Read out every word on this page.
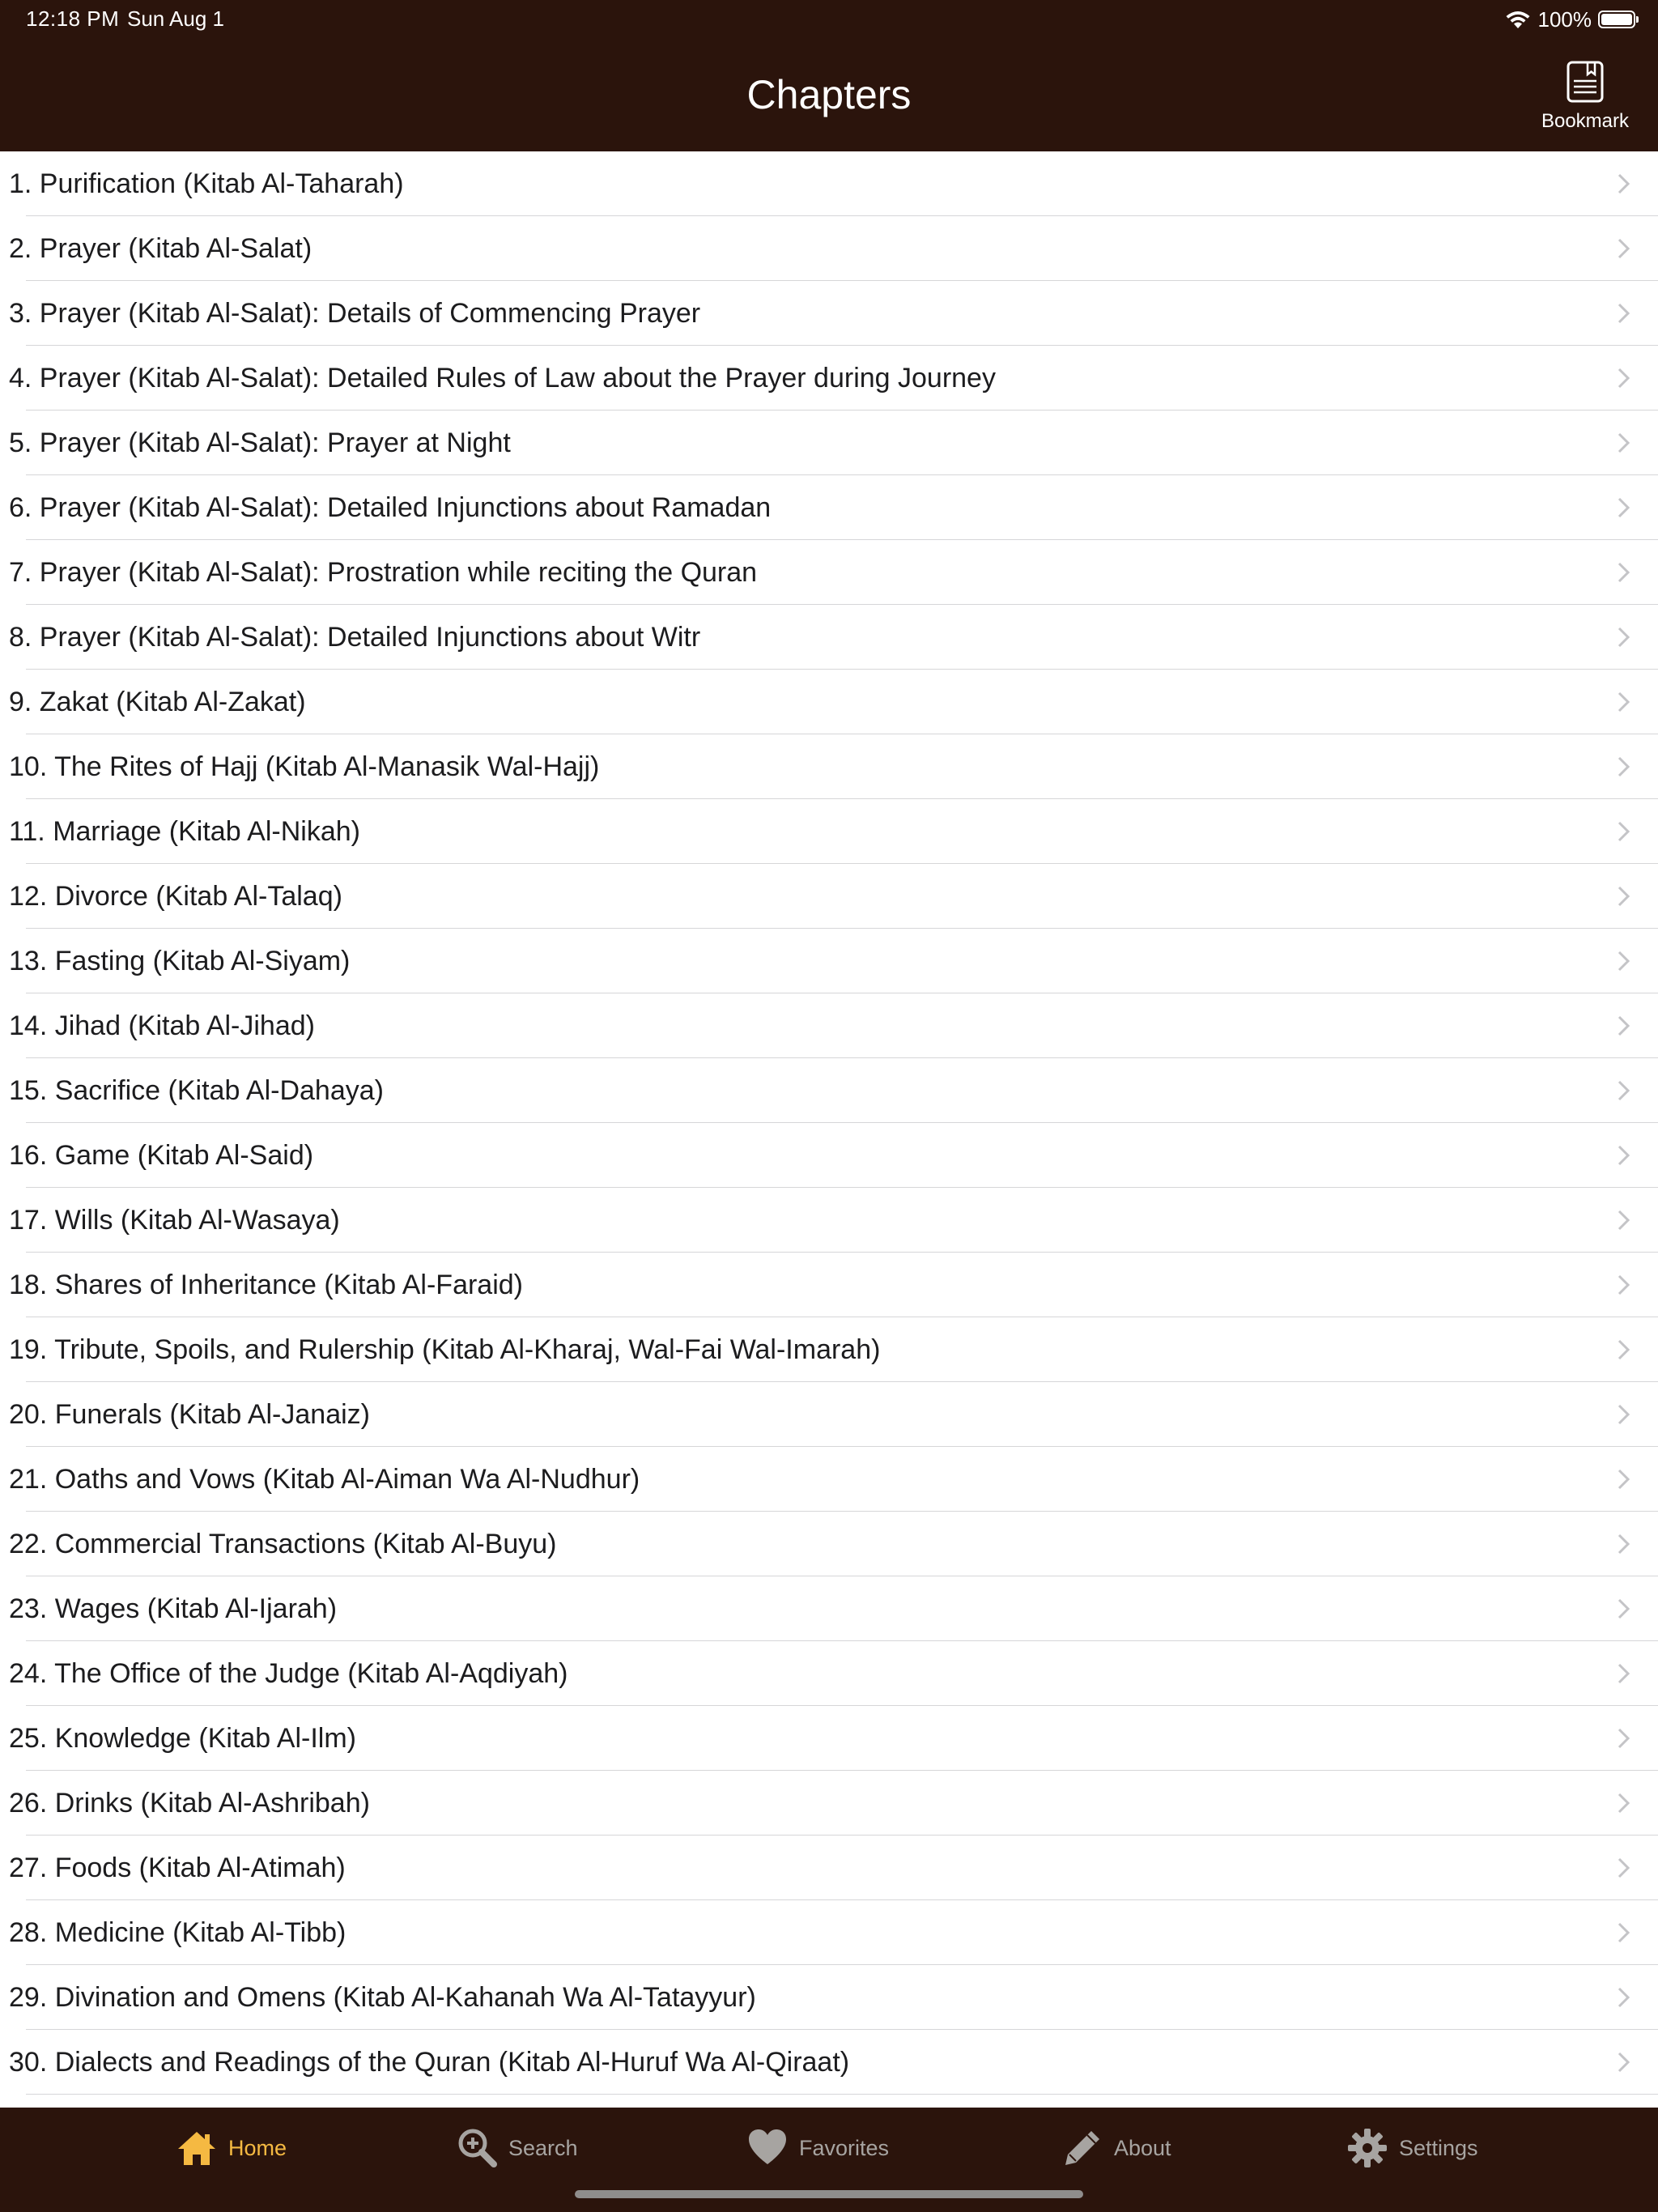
12:18 PM Sun Aug 1	100%
Chapters
Bookmark
1. Purification (Kitab Al-Taharah)
2. Prayer (Kitab Al-Salat)
3. Prayer (Kitab Al-Salat): Details of Commencing Prayer
4. Prayer (Kitab Al-Salat): Detailed Rules of Law about the Prayer during Journey
5. Prayer (Kitab Al-Salat): Prayer at Night
6. Prayer (Kitab Al-Salat): Detailed Injunctions about Ramadan
7. Prayer (Kitab Al-Salat): Prostration while reciting the Quran
8. Prayer (Kitab Al-Salat): Detailed Injunctions about Witr
9. Zakat (Kitab Al-Zakat)
10. The Rites of Hajj (Kitab Al-Manasik Wal-Hajj)
11. Marriage (Kitab Al-Nikah)
12. Divorce (Kitab Al-Talaq)
13. Fasting (Kitab Al-Siyam)
14. Jihad (Kitab Al-Jihad)
15. Sacrifice (Kitab Al-Dahaya)
16. Game (Kitab Al-Said)
17. Wills (Kitab Al-Wasaya)
18. Shares of Inheritance (Kitab Al-Faraid)
19. Tribute, Spoils, and Rulership (Kitab Al-Kharaj, Wal-Fai Wal-Imarah)
20. Funerals (Kitab Al-Janaiz)
21. Oaths and Vows (Kitab Al-Aiman Wa Al-Nudhur)
22. Commercial Transactions (Kitab Al-Buyu)
23. Wages (Kitab Al-Ijarah)
24. The Office of the Judge (Kitab Al-Aqdiyah)
25. Knowledge (Kitab Al-Ilm)
26. Drinks (Kitab Al-Ashribah)
27. Foods (Kitab Al-Atimah)
28. Medicine (Kitab Al-Tibb)
29. Divination and Omens (Kitab Al-Kahanah Wa Al-Tatayyur)
30. Dialects and Readings of the Quran (Kitab Al-Huruf Wa Al-Qiraat)
Home	Search	Favorites	About	Settings
